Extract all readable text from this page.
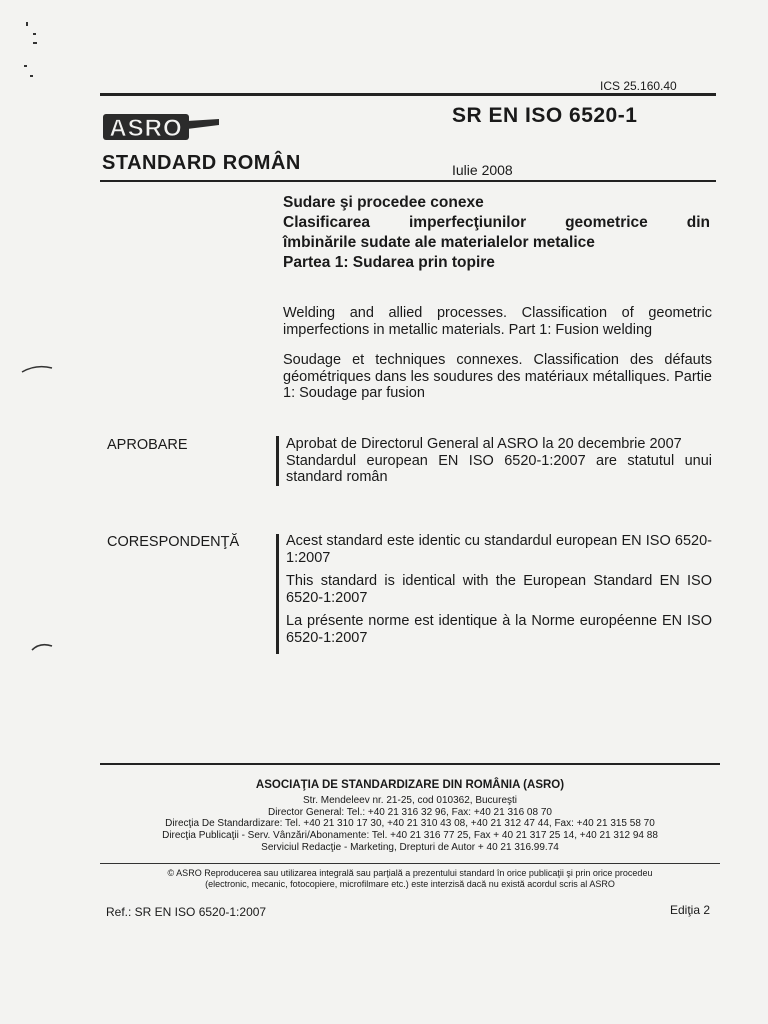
ICS 25.160.40
ASRO	SR EN ISO 6520-1
STANDARD ROMÂN	Iulie 2008
Sudare şi procedee conexe
Clasificarea	imperfecţiunilor	geometrice	din
îmbinările sudate ale materialelor metalice
Partea 1: Sudarea prin topire
Welding and allied processes. Classification of geometric imperfections in metallic materials. Part 1: Fusion welding
Soudage et techniques connexes. Classification des défauts géométriques dans les soudures des matériaux métalliques. Partie 1: Soudage par fusion
APROBARE	Aprobat de Directorul General al ASRO la 20 decembrie 2007

Standardul european EN ISO 6520-1:2007 are statutul unui standard român

CORESPONDENŢĂ	Acest standard este identic cu standardul european EN ISO 6520-1:2007

This standard is identical with the European Standard EN ISO 6520-1:2007

La présente norme est identique à la Norme européenne EN ISO 6520-1:2007

ASOCIAŢIA DE STANDARDIZARE DIN ROMÂNIA (ASRO)
Str. Mendeleev nr. 21-25, cod 010362, Bucureşti
Director General: Tel.: +40 21 316 32 96, Fax: +40 21 316 08 70
Direcţia De Standardizare: Tel. +40 21 310 17 30, +40 21 310 43 08, +40 21 312 47 44, Fax: +40 21 315 58 70
Direcţia Publicaţii - Serv. Vânzări/Abonamente: Tel. +40 21 316 77 25, Fax + 40 21 317 25 14, +40 21 312 94 88
Serviciul Redacţie - Marketing, Drepturi de Autor + 40 21 316.99.74
© ASRO Reproducerea sau utilizarea integrală sau parţială a prezentului standard în orice publicaţii şi prin orice procedeu
(electronic, mecanic, fotocopiere, microfilmare etc.) este interzisă dacă nu există acordul scris al ASRO
Ref.: SR EN ISO 6520-1:2007	Ediţia 2
